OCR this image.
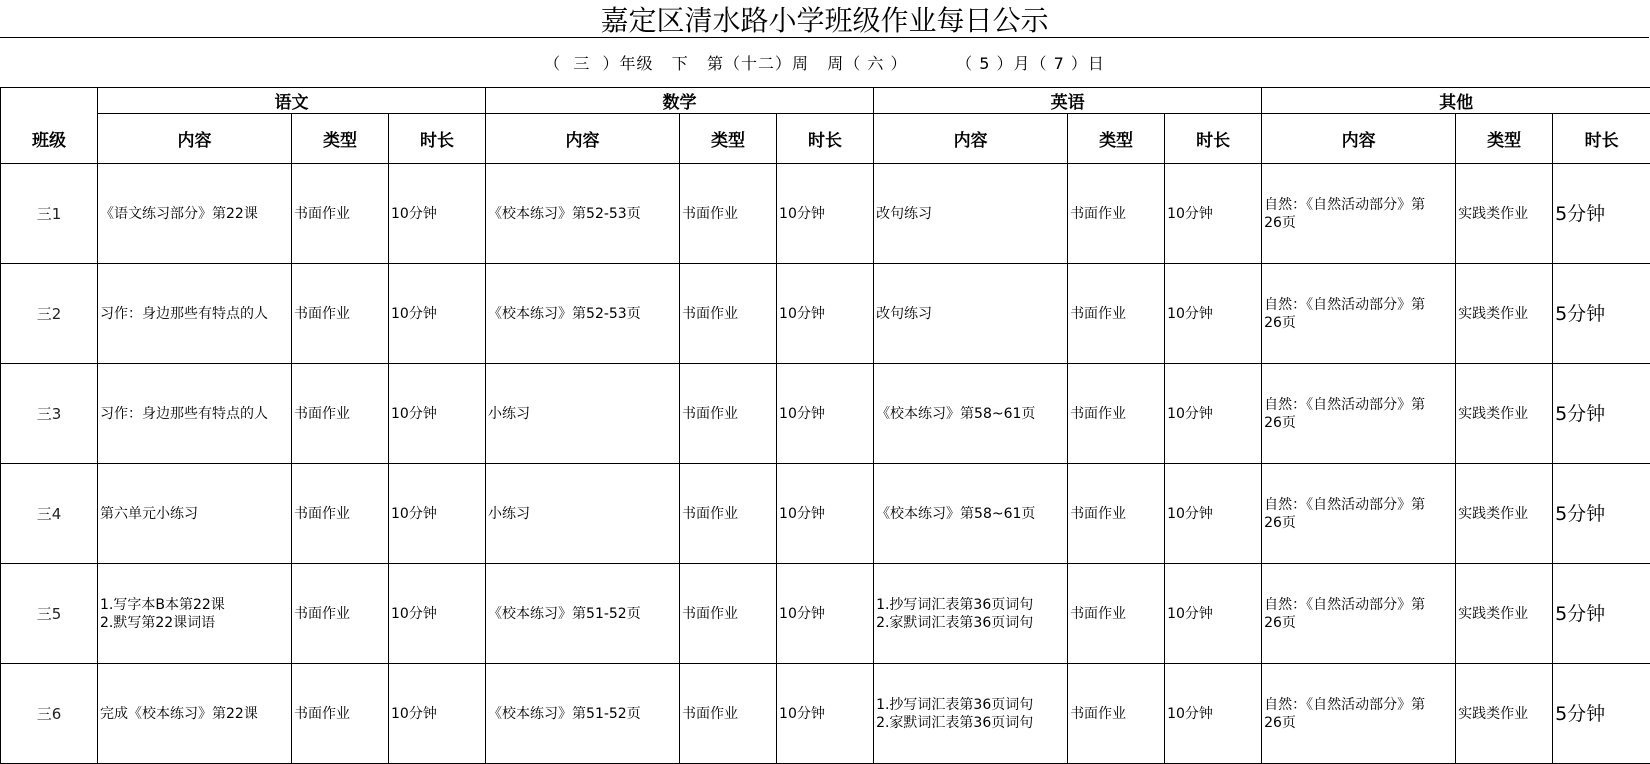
嘉定区清水路小学班级作业每日公示
（  三  ）年级   下   第（十二）周   周（ 六 ）        （ 5 ）月（ 7 ）日
	语文			数学			英语			其他		
班级	内容	类型	时长	内容	类型	时长	内容	类型	时长	内容	类型	时长
三1	《语文练习部分》第22课	书面作业	10分钟	《校本练习》第52-53页	书面作业	10分钟	改句练习	书面作业	10分钟	自然：《自然活动部分》第
26页	实践类作业	5分钟
三2	习作：身边那些有特点的人	书面作业	10分钟	《校本练习》第52-53页	书面作业	10分钟	改句练习	书面作业	10分钟	自然：《自然活动部分》第
26页	实践类作业	5分钟
三3	习作：身边那些有特点的人	书面作业	10分钟	小练习	书面作业	10分钟	《校本练习》第58~61页	书面作业	10分钟	自然：《自然活动部分》第
26页	实践类作业	5分钟
三4	第六单元小练习	书面作业	10分钟	小练习	书面作业	10分钟	《校本练习》第58~61页	书面作业	10分钟	自然：《自然活动部分》第
26页	实践类作业	5分钟
三5	1.写字本B本第22课
2.默写第22课词语	书面作业	10分钟	《校本练习》第51-52页	书面作业	10分钟	1.抄写词汇表第36页词句
2.家默词汇表第36页词句	书面作业	10分钟	自然：《自然活动部分》第
26页	实践类作业	5分钟
三6	完成《校本练习》第22课	书面作业	10分钟	《校本练习》第51-52页	书面作业	10分钟	1.抄写词汇表第36页词句
2.家默词汇表第36页词句	书面作业	10分钟	自然：《自然活动部分》第
26页	实践类作业	5分钟
